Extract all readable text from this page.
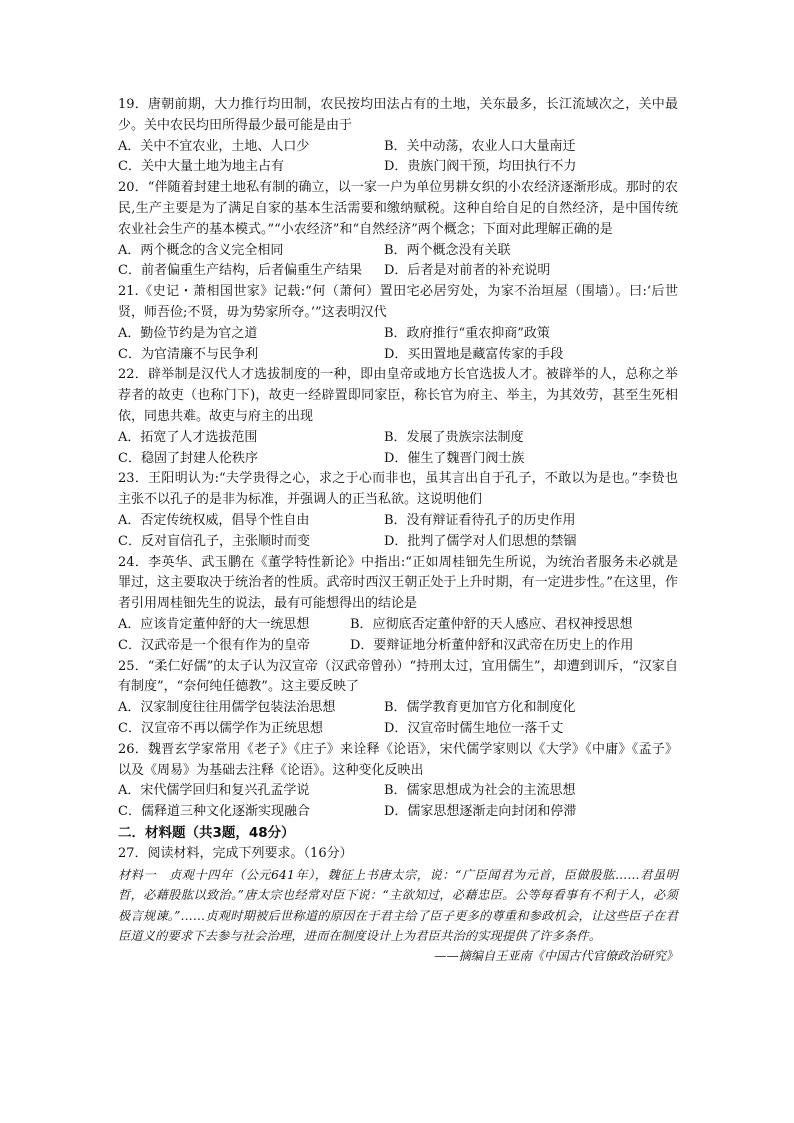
19．唐朝前期，大力推行均田制，农民按均田法占有的土地，关东最多，长江流域次之，关中最少。关中农民均田所得最少最可能是由于

A．关中不宜农业，土地、人口少	B．关中动荡，农业人口大量南迁
C．关中大量土地为地主占有	D．贵族门阀干预，均田执行不力

20．“伴随着封建土地私有制的确立，以一家一户为单位男耕女织的小农经济逐渐形成。那时的农民,生产主要是为了满足自家的基本生活需要和缴纳赋税。这种自给自足的自然经济，是中国传统农业社会生产的基本模式。”“小农经济”和“自然经济”两个概念；下面对此理解正确的是

A．两个概念的含义完全相同	B．两个概念没有关联
C．前者偏重生产结构，后者偏重生产结果	D．后者是对前者的补充说明

21.《史记・萧相国世家》记载:“何（萧何）置田宅必居穷处，为家不治垣屋（围墙）。曰:‘后世贤，师吾俭;不贤，毋为势家所夺。’”这表明汉代

A．勤俭节约是为官之道	B．政府推行“重农抑商”政策
C．为官清廉不与民争利	D．买田置地是藏富传家的手段

22．辟举制是汉代人才选拔制度的一种，即由皇帝或地方长官选拔人才。被辟举的人，总称之举荐者的故吏（也称门下)，故吏一经辟置即同家臣，称长官为府主、举主，为其效劳，甚至生死相依，同患共难。故吏与府主的出现

A．拓宽了人才选拔范围	B．发展了贵族宗法制度
C．稳固了封建人伦秩序	D．催生了魏晋门阀士族

23．王阳明认为:“夫学贵得之心，求之于心而非也，虽其言出自于孔子，不敢以为是也。”李贽也主张不以孔子的是非为标准，并强调人的正当私欲。这说明他们

A．否定传统权威，倡导个性自由	B．没有辩证看待孔子的历史作用
C．反对盲信孔子，主张顺时而变	D．批判了儒学对人们思想的禁锢

24．李英华、武玉鹏在《董学特性新论》中指出:“正如周桂钿先生所说，为统治者服务未必就是罪过，这主要取决于统治者的性质。武帝时西汉王朝正处于上升时期，有一定进步性。”在这里，作者引用周桂钿先生的说法，最有可能想得出的结论是

A．应该肯定董仲舒的大一统思想	B．应彻底否定董仲舒的天人感应、君权神授思想
C．汉武帝是一个很有作为的皇帝	D．要辩证地分析董仲舒和汉武帝在历史上的作用

25．“柔仁好儒”的太子认为汉宣帝（汉武帝曾孙）“持刑太过，宜用儒生”，却遭到训斥，“汉家自有制度”，“奈何纯任德教”。这主要反映了

A．汉家制度往往用儒学包装法治思想	B．儒学教育更加官方化和制度化
C．汉宣帝不再以儒学作为正统思想	D．汉宣帝时儒生地位一落千丈

26．魏晋玄学家常用《老子》《庄子》来诠释《论语》，宋代儒学家则以《大学》《中庸》《孟子》以及《周易》为基础去注释《论语》。这种变化反映出

A．宋代儒学回归和复兴孔孟学说	B．儒家思想成为社会的主流思想
C．儒释道三种文化逐渐实现融合	D．儒家思想逐渐走向封闭和停滞

二．材料题（共3题，48分）

27．阅读材料，完成下列要求。（16分）

材料一　贞观十四年（公元641年），魏征上书唐太宗，说：“广臣闻君为元首，臣做股肱……君虽明哲，必藉股肱以致治。”唐太宗也经常对臣下说：“主欲知过，必藉忠臣。公等每看事有不利于人，必须极言规谏。”……贞观时期被后世称道的原因在于君主给了臣子更多的尊重和参政机会，让这些臣子在君臣道义的要求下去参与社会治理，进而在制度设计上为君臣共治的实现提供了许多条件。

——摘编自王亚南《中国古代官僚政治研究》
